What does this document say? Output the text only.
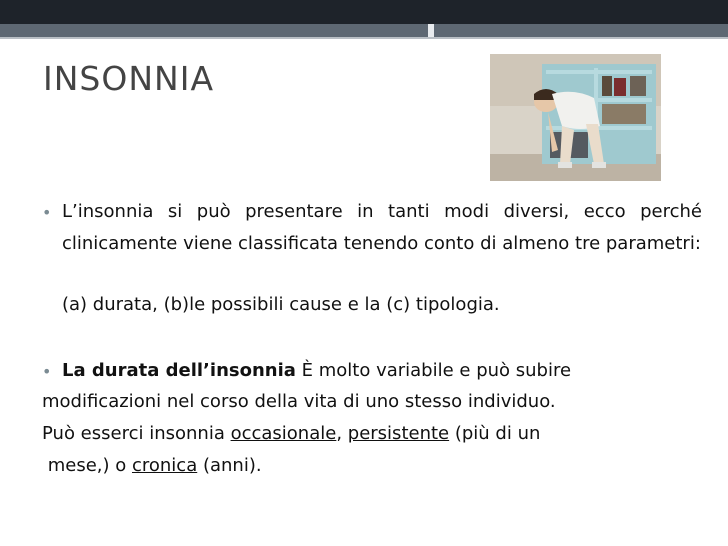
INSONNIA
• L’insonnia si può presentare in tanti modi diversi, ecco perché clinicamente viene classificata tenendo conto di almeno tre parametri:

(a) durata, (b)le possibili cause e la (c) tipologia.

• La durata dell’insonnia È molto variabile e può subire

modificazioni nel corso della vita di uno stesso individuo.

Può esserci insonnia occasionale, persistente (più di un

mese,) o cronica (anni).
